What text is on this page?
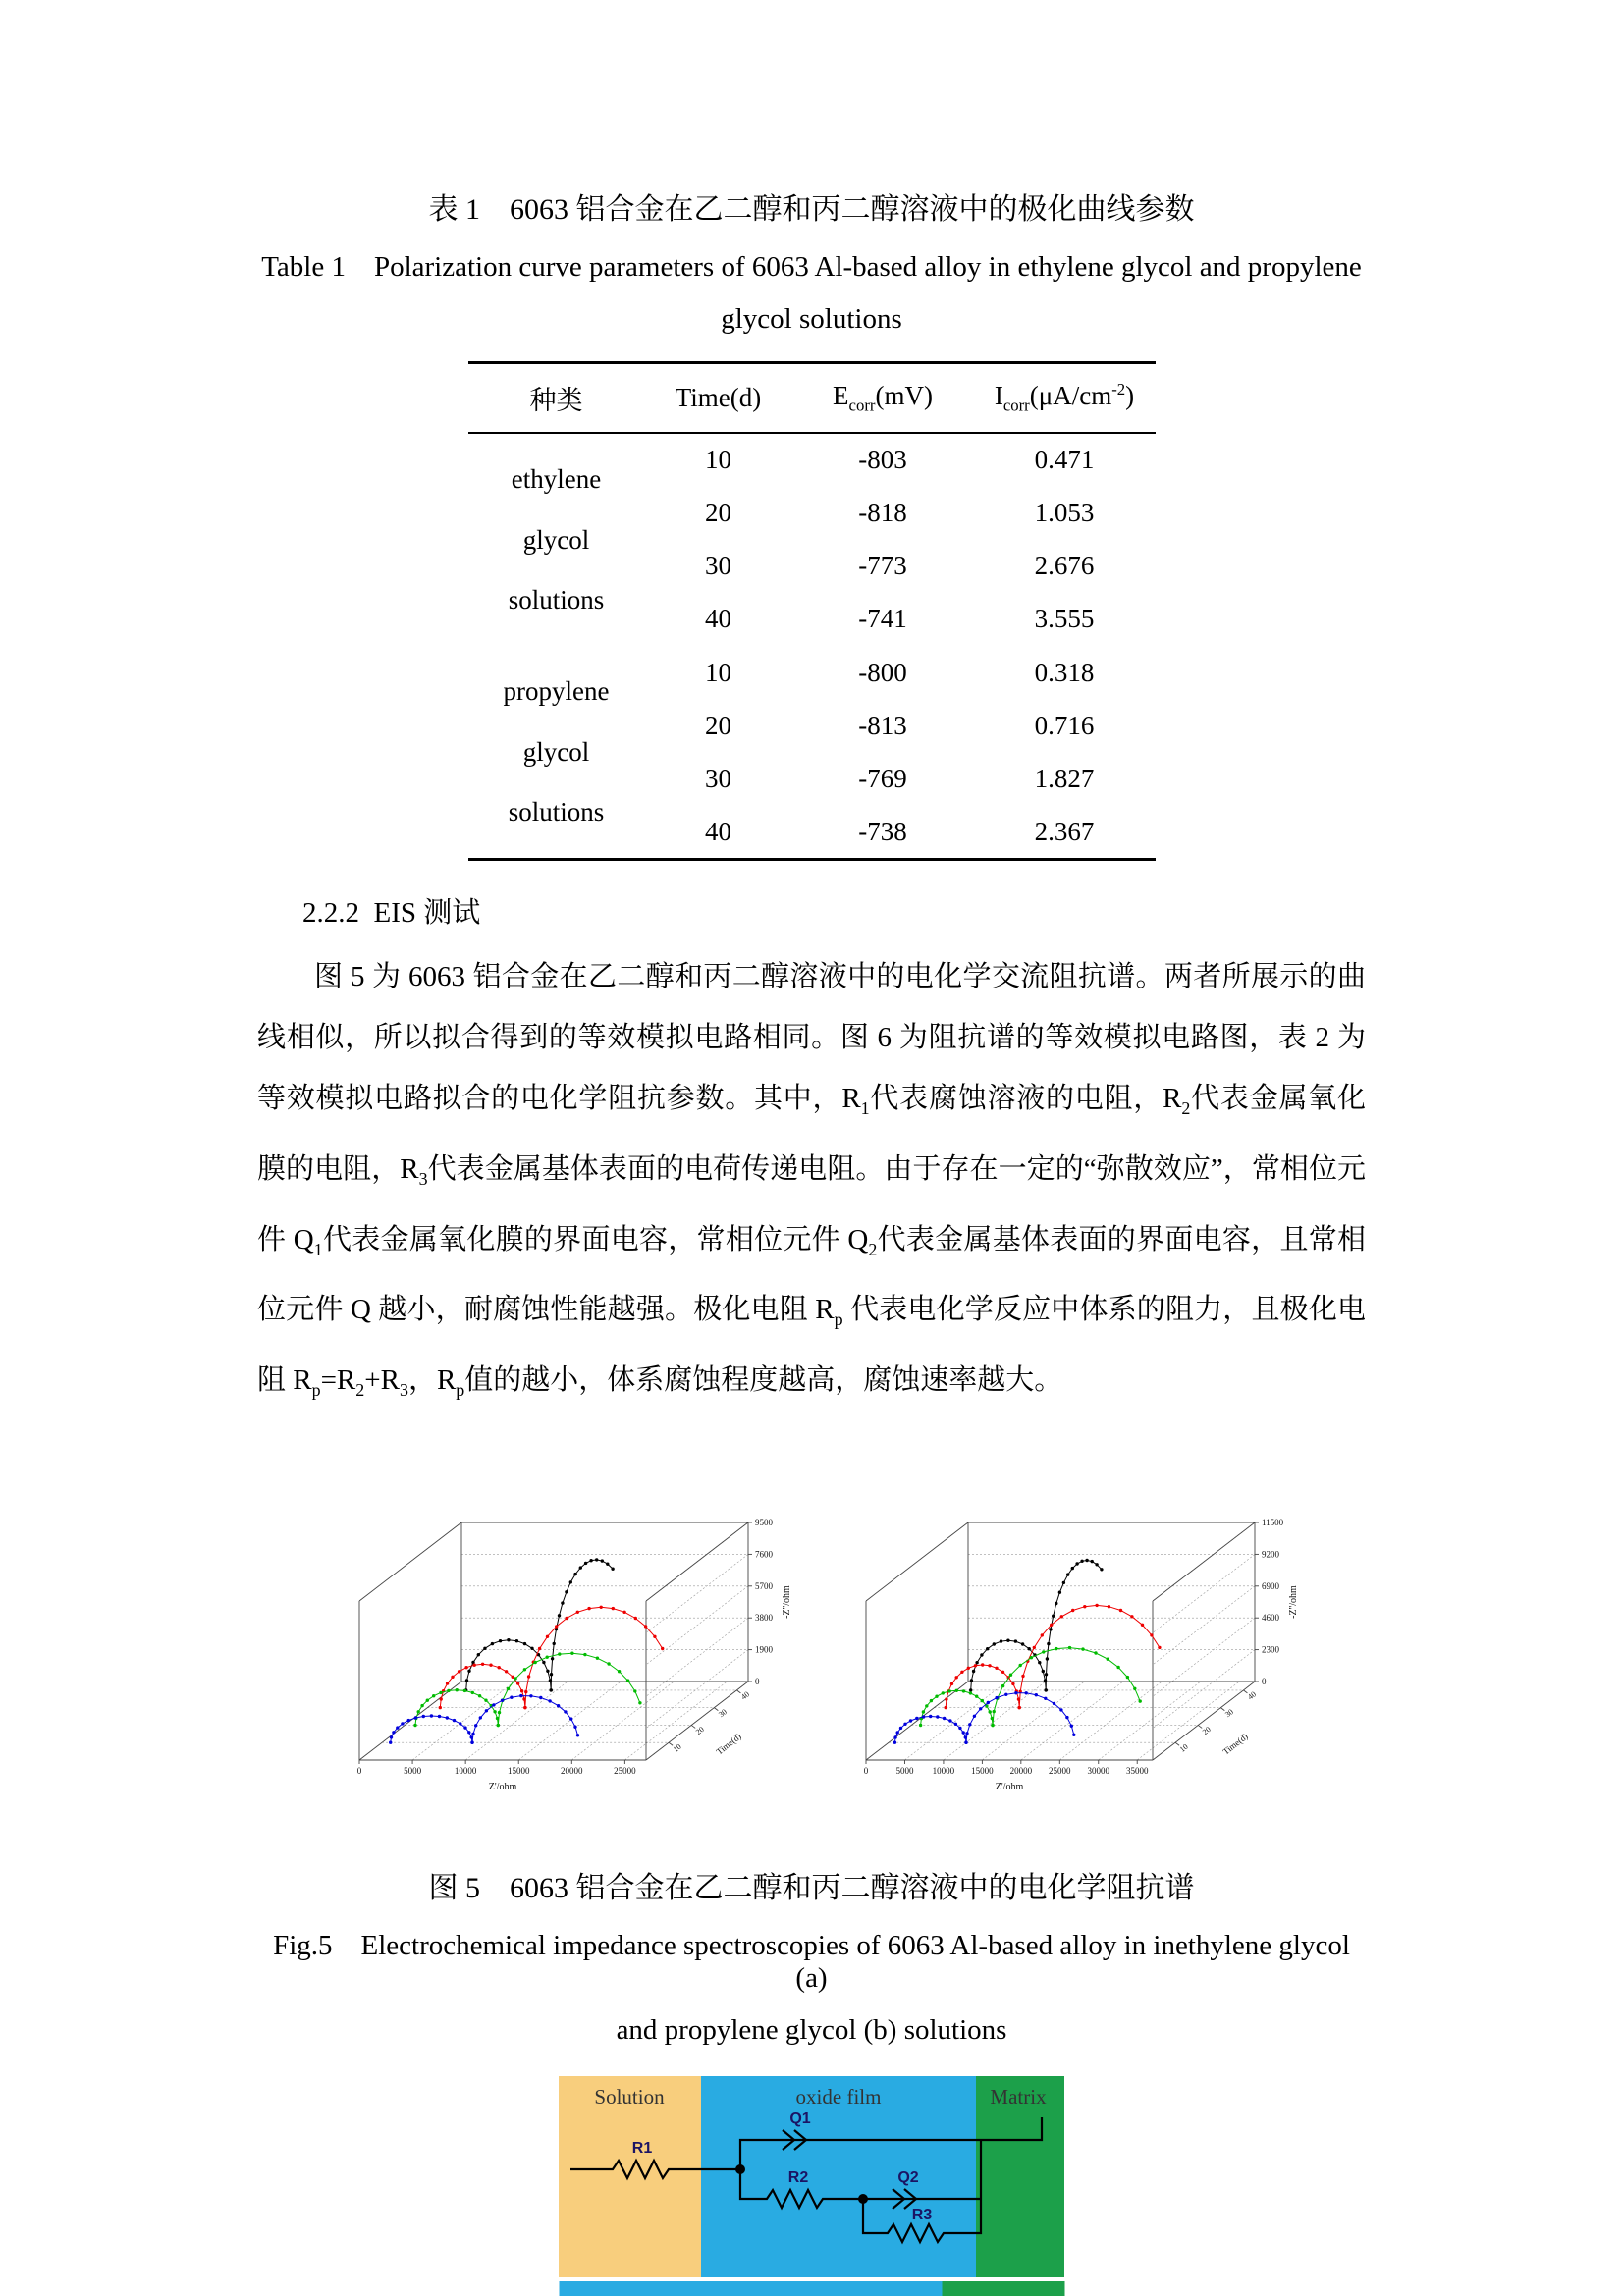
表 1　6063 铝合金在乙二醇和丙二醇溶液中的极化曲线参数
Table 1    Polarization curve parameters of 6063 Al-based alloy in ethylene glycol and propylene
glycol solutions
种类	Time(d)	$E_{corr}(mV)$	$I_{corr}(\mu A/cm^{-2})$

ethylene
glycol
solutions	10	-803	0.471
	20	-818	1.053
	30	-773	2.676
	40	-741	3.555

propylene
glycol
solutions	10	-800	0.318
	20	-813	0.716
	30	-769	1.827
	40	-738	2.367
2.2.2  EIS 测试

图 5 为 6063 铝合金在乙二醇和丙二醇溶液中的电化学交流阻抗谱。两者所展示的曲线相似，所以拟合得到的等效模拟电路相同。图 6 为阻抗谱的等效模拟电路图，表 2 为等效模拟电路拟合的电化学阻抗参数。其中，$R_1$代表腐蚀溶液的电阻，$R_2$代表金属氧化膜的电阻，$R_3$代表金属基体表面的电荷传递电阻。由于存在一定的“弥散效应”，常相位元件 $Q_1$代表金属氧化膜的界面电容，常相位元件 $Q_2$代表金属基体表面的界面电容，且常相位元件 Q 越小，耐腐蚀性能越强。极化电阻 $R_p$ 代表电化学反应中体系的阻力，且极化电阻 $R_p=R_2+R_3$，$R_p$值的越小，体系腐蚀程度越高，腐蚀速率越大。

0	5000	10000	15000	20000	25000
Z'/ohm
0
1900
3800
5700
7600
9500
-Z''/ohm
10
20
30
40
Time(d)
0	5000 10000 15000 20000 25000 30000 35000
Z'/ohm
0
2300
4600
6900
9200
11500
-Z''/ohm
10
20
30
40
Time(d)
图 5　6063 铝合金在乙二醇和丙二醇溶液中的电化学阻抗谱
Fig.5    Electrochemical impedance spectroscopies of 6063 Al-based alloy in inethylene glycol (a)
and propylene glycol (b) solutions
Solution	oxide film	Matrix
R1
Q1
R2	Q2
R3
